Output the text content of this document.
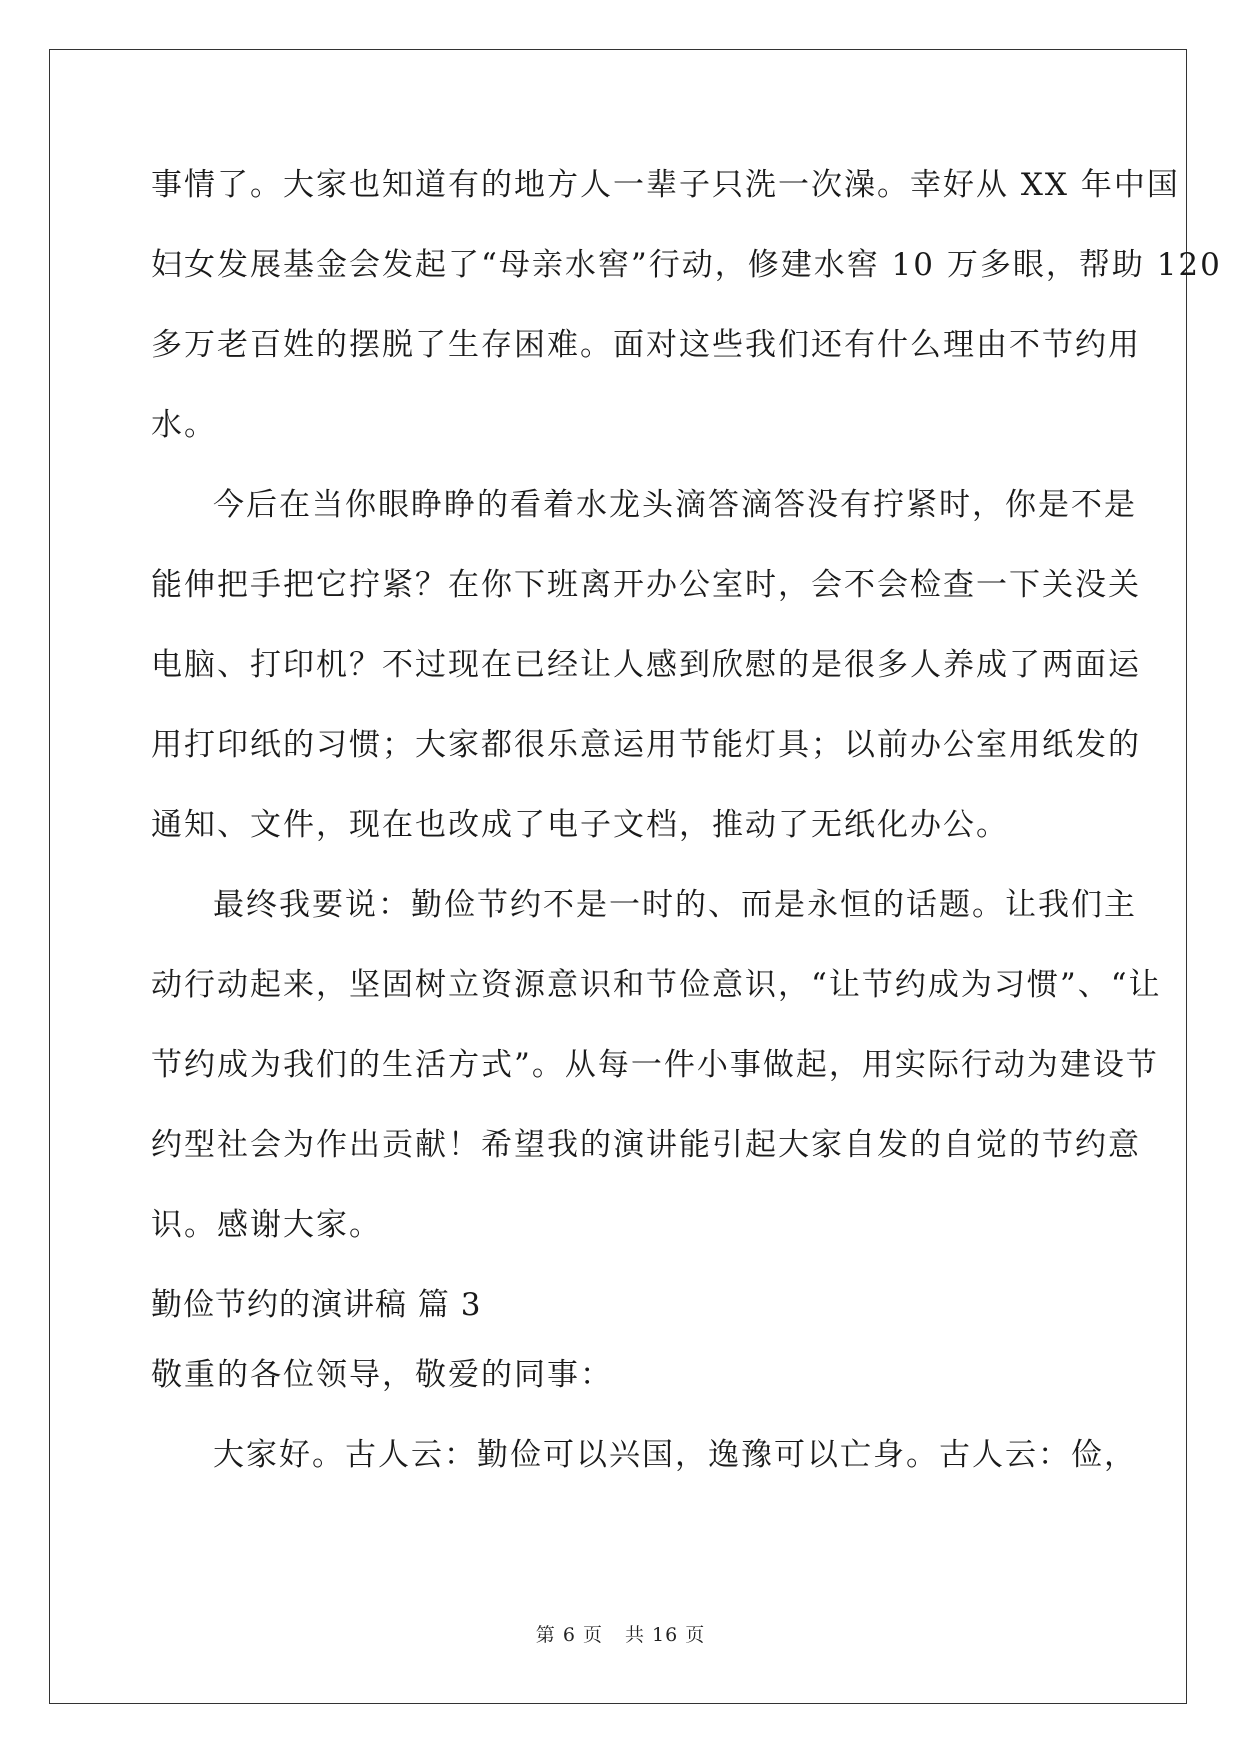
事情了。大家也知道有的地方人一辈子只洗一次澡。幸好从 XX 年中国
妇女发展基金会发起了“母亲水窖”行动，修建水窖 10 万多眼，帮助 120
多万老百姓的摆脱了生存困难。面对这些我们还有什么理由不节约用
水。
今后在当你眼睁睁的看着水龙头滴答滴答没有拧紧时，你是不是
能伸把手把它拧紧？在你下班离开办公室时，会不会检查一下关没关
电脑、打印机？不过现在已经让人感到欣慰的是很多人养成了两面运
用打印纸的习惯；大家都很乐意运用节能灯具；以前办公室用纸发的
通知、文件，现在也改成了电子文档，推动了无纸化办公。
最终我要说：勤俭节约不是一时的、而是永恒的话题。让我们主
动行动起来，坚固树立资源意识和节俭意识，“让节约成为习惯”、“让
节约成为我们的生活方式”。从每一件小事做起，用实际行动为建设节
约型社会为作出贡献！希望我的演讲能引起大家自发的自觉的节约意
识。感谢大家。
勤俭节约的演讲稿 篇 3
敬重的各位领导，敬爱的同事：
大家好。古人云：勤俭可以兴国，逸豫可以亡身。古人云：俭，
第 6 页 共 16 页
